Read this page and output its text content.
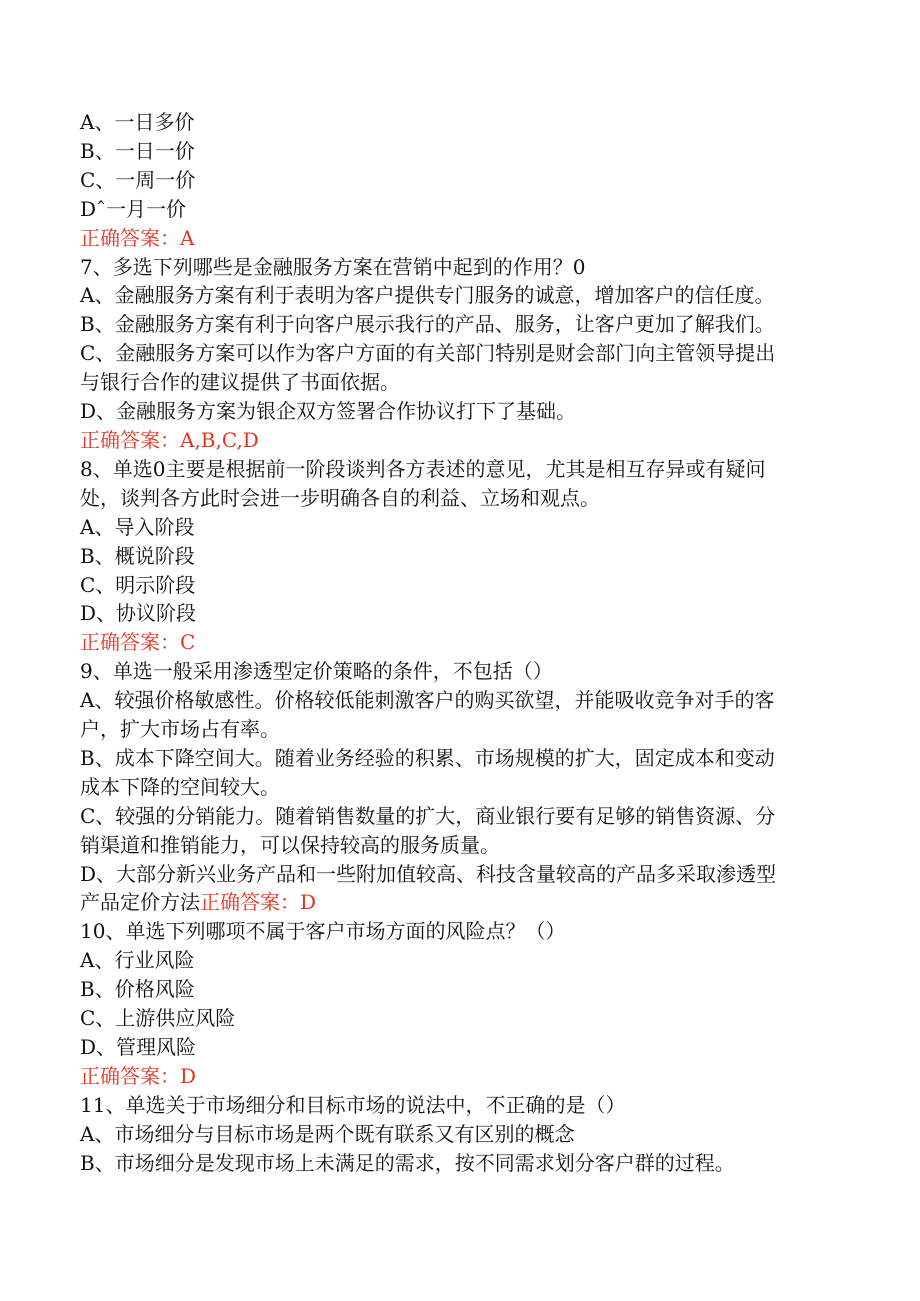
A、一日多价
B、一日一价
C、一周一价
Dˆ一月一价
正确答案：A
7、多选下列哪些是金融服务方案在营销中起到的作用？0
A、金融服务方案有利于表明为客户提供专门服务的诚意，增加客户的信任度。
B、金融服务方案有利于向客户展示我行的产品、服务，让客户更加了解我们。
C、金融服务方案可以作为客户方面的有关部门特别是财会部门向主管领导提出
与银行合作的建议提供了书面依据。
D、金融服务方案为银企双方签署合作协议打下了基础。
正确答案：A,B,C,D
8、单选0主要是根据前一阶段谈判各方表述的意见，尤其是相互存异或有疑问
处，谈判各方此时会进一步明确各自的利益、立场和观点。
A、导入阶段
B、概说阶段
C、明示阶段
D、协议阶段
正确答案：C
9、单选一般采用渗透型定价策略的条件，不包括（）
A、较强价格敏感性。价格较低能刺激客户的购买欲望，并能吸收竞争对手的客
户，扩大市场占有率。
B、成本下降空间大。随着业务经验的积累、市场规模的扩大，固定成本和变动
成本下降的空间较大。
C、较强的分销能力。随着销售数量的扩大，商业银行要有足够的销售资源、分
销渠道和推销能力，可以保持较高的服务质量。
D、大部分新兴业务产品和一些附加值较高、科技含量较高的产品多采取渗透型
产品定价方法正确答案：D
10、单选下列哪项不属于客户市场方面的风险点？（）
A、行业风险
B、价格风险
C、上游供应风险
D、管理风险
正确答案：D
11、单选关于市场细分和目标市场的说法中，不正确的是（）
A、市场细分与目标市场是两个既有联系又有区别的概念
B、市场细分是发现市场上未满足的需求，按不同需求划分客户群的过程。
